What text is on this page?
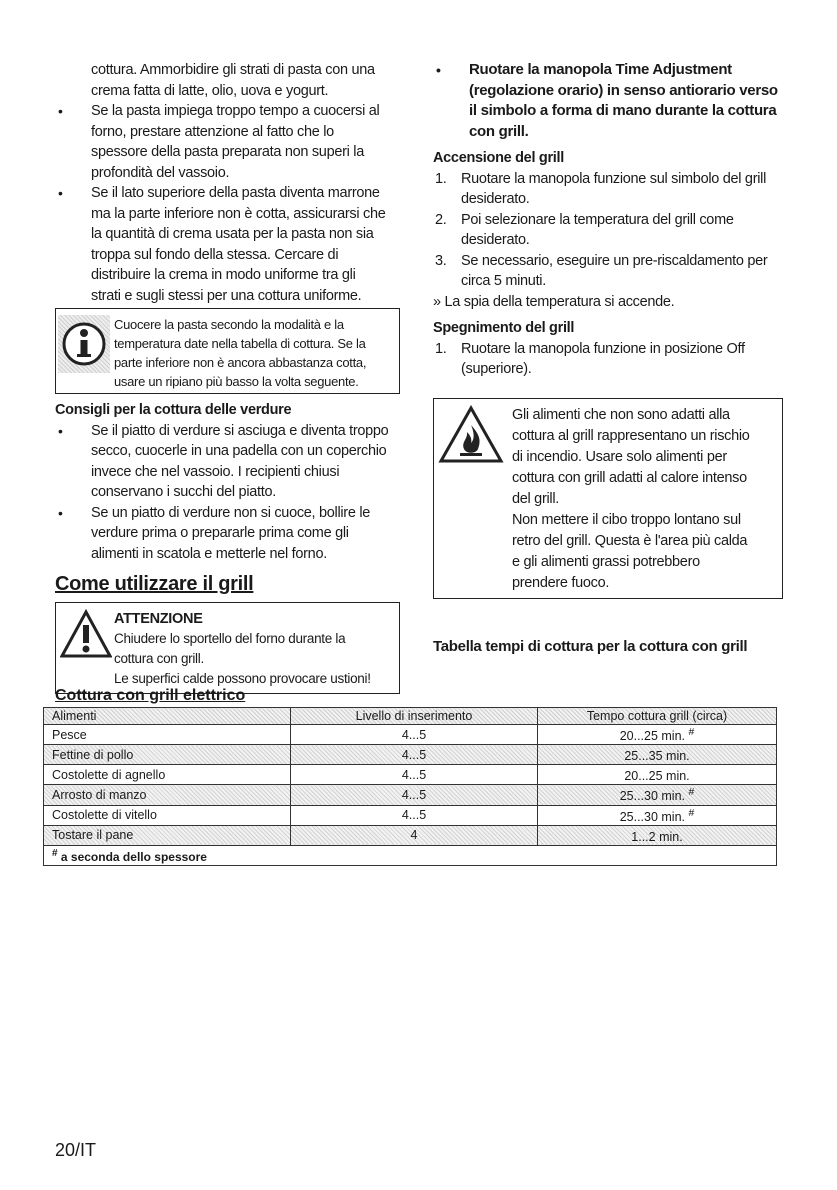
cottura. Ammorbidire gli strati di pasta con una
crema fatta di latte, olio, uova e yogurt.
• Se la pasta impiega troppo tempo a cuocersi al
forno, prestare attenzione al fatto che lo
spessore della pasta preparata non superi la
profondità del vassoio.
• Se il lato superiore della pasta diventa marrone
ma la parte inferiore non è cotta, assicurarsi che
la quantità di crema usata per la pasta non sia
troppa sul fondo della stessa. Cercare di
distribuire la crema in modo uniforme tra gli
strati e sugli stessi per una cottura uniforme.
Cuocere la pasta secondo la modalità e la
temperatura date nella tabella di cottura. Se la
parte inferiore non è ancora abbastanza cotta,
usare un ripiano più basso la volta seguente.
Consigli per la cottura delle verdure
• Se il piatto di verdure si asciuga e diventa troppo
secco, cuocerle in una padella con un coperchio
invece che nel vassoio. I recipienti chiusi
conservano i succhi del piatto.
• Se un piatto di verdure non si cuoce, bollire le
verdure prima o prepararle prima come gli
alimenti in scatola e metterle nel forno.
Come utilizzare il grill
ATTENZIONE
Chiudere lo sportello del forno durante la
cottura con grill.
Le superfici calde possono provocare ustioni!
• Ruotare la manopola Time Adjustment
(regolazione orario) in senso antiorario verso
il simbolo a forma di mano durante la cottura
con grill.
Accensione del grill
1. Ruotare la manopola funzione sul simbolo del grill
desiderato.
2. Poi selezionare la temperatura del grill come
desiderato.
3. Se necessario, eseguire un pre-riscaldamento per
circa 5 minuti.
» La spia della temperatura si accende.
Spegnimento del grill
1. Ruotare la manopola funzione in posizione Off
(superiore).
Gli alimenti che non sono adatti alla
cottura al grill rappresentano un rischio
di incendio. Usare solo alimenti per
cottura con grill adatti al calore intenso
del grill.
Non mettere il cibo troppo lontano sul
retro del grill. Questa è l'area più calda
e gli alimenti grassi potrebbero
prendere fuoco.
Tabella tempi di cottura per la cottura con grill
Cottura con grill elettrico
Alimenti	Livello di inserimento	Tempo cottura grill (circa)
Pesce	4...5	20...25 min. #
Fettine di pollo	4...5	25...35 min.
Costolette di agnello	4...5	20...25 min.
Arrosto di manzo	4...5	25...30 min. #
Costolette di vitello	4...5	25...30 min. #
Tostare il pane	4	1...2 min.
# a seconda dello spessore		
20/IT
